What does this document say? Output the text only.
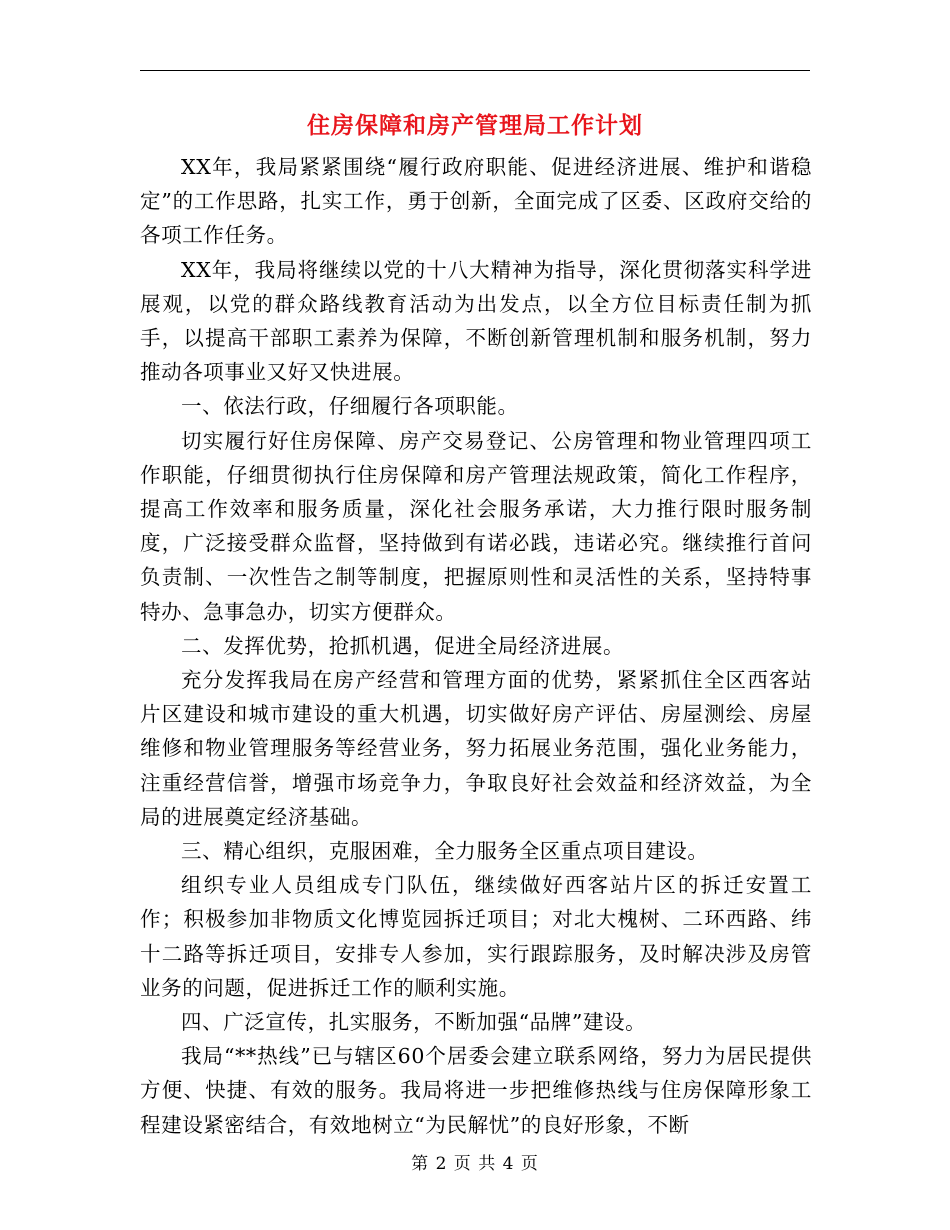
住房保障和房产管理局工作计划

XX年，我局紧紧围绕“履行政府职能、促进经济进展、维护和谐稳定”的工作思路，扎实工作，勇于创新，全面完成了区委、区政府交给的各项工作任务。

XX年，我局将继续以党的十八大精神为指导，深化贯彻落实科学进展观，以党的群众路线教育活动为出发点，以全方位目标责任制为抓手，以提高干部职工素养为保障，不断创新管理机制和服务机制，努力推动各项事业又好又快进展。

一、依法行政，仔细履行各项职能。

切实履行好住房保障、房产交易登记、公房管理和物业管理四项工作职能，仔细贯彻执行住房保障和房产管理法规政策，简化工作程序，提高工作效率和服务质量，深化社会服务承诺，大力推行限时服务制度，广泛接受群众监督，坚持做到有诺必践，违诺必究。继续推行首问负责制、一次性告之制等制度，把握原则性和灵活性的关系，坚持特事特办、急事急办，切实方便群众。

二、发挥优势，抢抓机遇，促进全局经济进展。

充分发挥我局在房产经营和管理方面的优势，紧紧抓住全区西客站片区建设和城市建设的重大机遇，切实做好房产评估、房屋测绘、房屋维修和物业管理服务等经营业务，努力拓展业务范围，强化业务能力，注重经营信誉，增强市场竞争力，争取良好社会效益和经济效益，为全局的进展奠定经济基础。

三、精心组织，克服困难，全力服务全区重点项目建设。

组织专业人员组成专门队伍，继续做好西客站片区的拆迁安置工作；积极参加非物质文化博览园拆迁项目；对北大槐树、二环西路、纬十二路等拆迁项目，安排专人参加，实行跟踪服务，及时解决涉及房管业务的问题，促进拆迁工作的顺利实施。

四、广泛宣传，扎实服务，不断加强“品牌”建设。

我局“**热线”已与辖区60个居委会建立联系网络，努力为居民提供方便、快捷、有效的服务。我局将进一步把维修热线与住房保障形象工程建设紧密结合，有效地树立“为民解忧”的良好形象，不断

第 2 页 共 4 页
